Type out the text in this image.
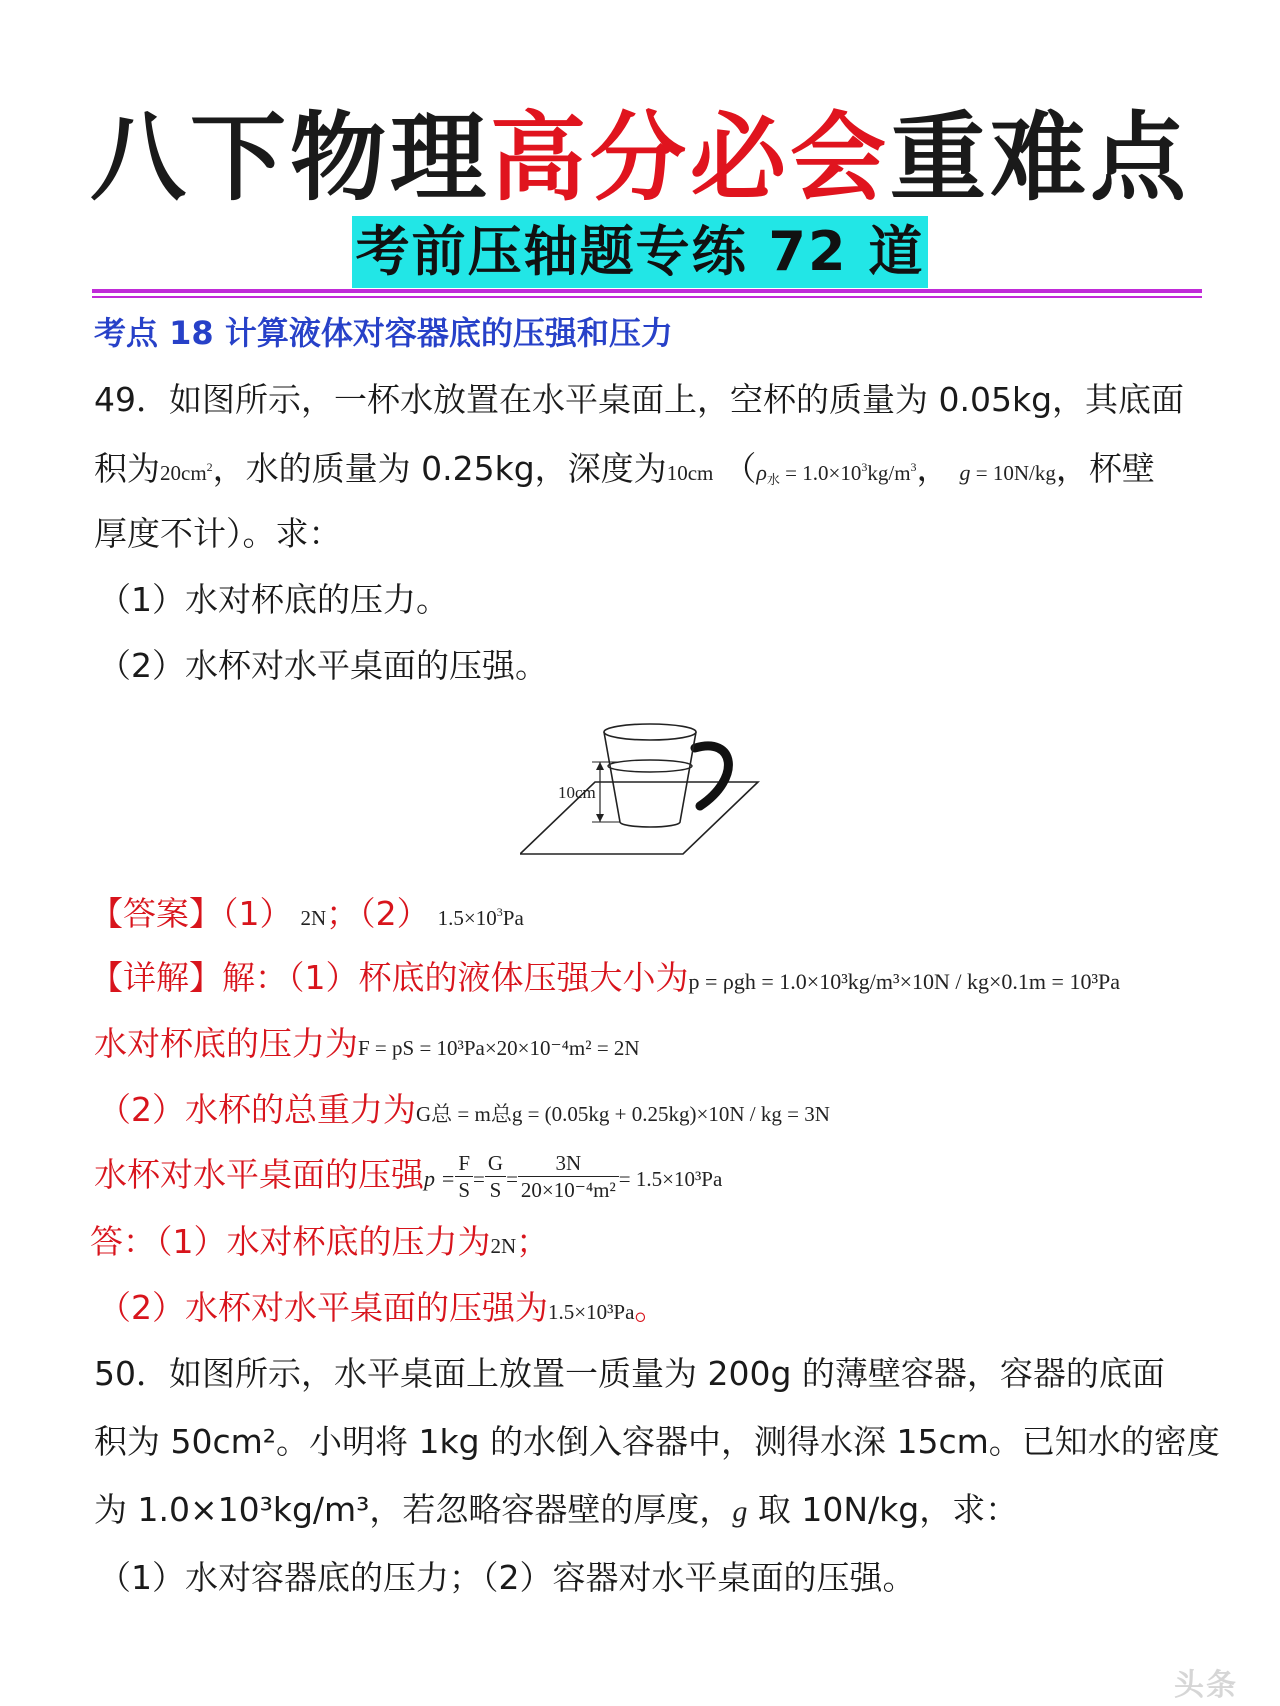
八下物理高分必会重难点
考前压轴题专练 72 道
考点 18 计算液体对容器底的压强和压力
49．如图所示，一杯水放置在水平桌面上，空杯的质量为 0.05kg，其底面
积为$20cm^2$，水的质量为 0.25kg，深度为10cm （$\rho_水 = 1.0\times 10^3kg/m^3$， g = 10N/kg，杯壁
厚度不计）。求：
（1）水对杯底的压力。
（2）水杯对水平桌面的压强。
10cm
【答案】（1） 2N；（2） $1.5\times 10^3Pa$
【详解】解：（1）杯底的液体压强大小为p = ρgh = 1.0×10³kg/m³×10N / kg×0.1m = 10³Pa
水对杯底的压力为F = pS = 10³Pa×20×10⁻⁴m² = 2N
（2）水杯的总重力为G总 = m总g = (0.05kg + 0.25kg)×10N / kg = 3N
水杯对水平桌面的压强$p = \frac{F}{S} = \frac{G}{S} = \frac{3N}{\text{20×10⁻⁴m²}} = 1.5\times 10^3Pa$
答：（1）水对杯底的压力为2N；
（2）水杯对水平桌面的压强为1.5×10³Pa。
50．如图所示，水平桌面上放置一质量为 200g 的薄壁容器，容器的底面
积为 50cm²。小明将 1kg 的水倒入容器中，测得水深 15cm。已知水的密度
为 1.0×10³kg/m³，若忽略容器壁的厚度，g 取 10N/kg，求：
（1）水对容器底的压力；（2）容器对水平桌面的压强。
头条
